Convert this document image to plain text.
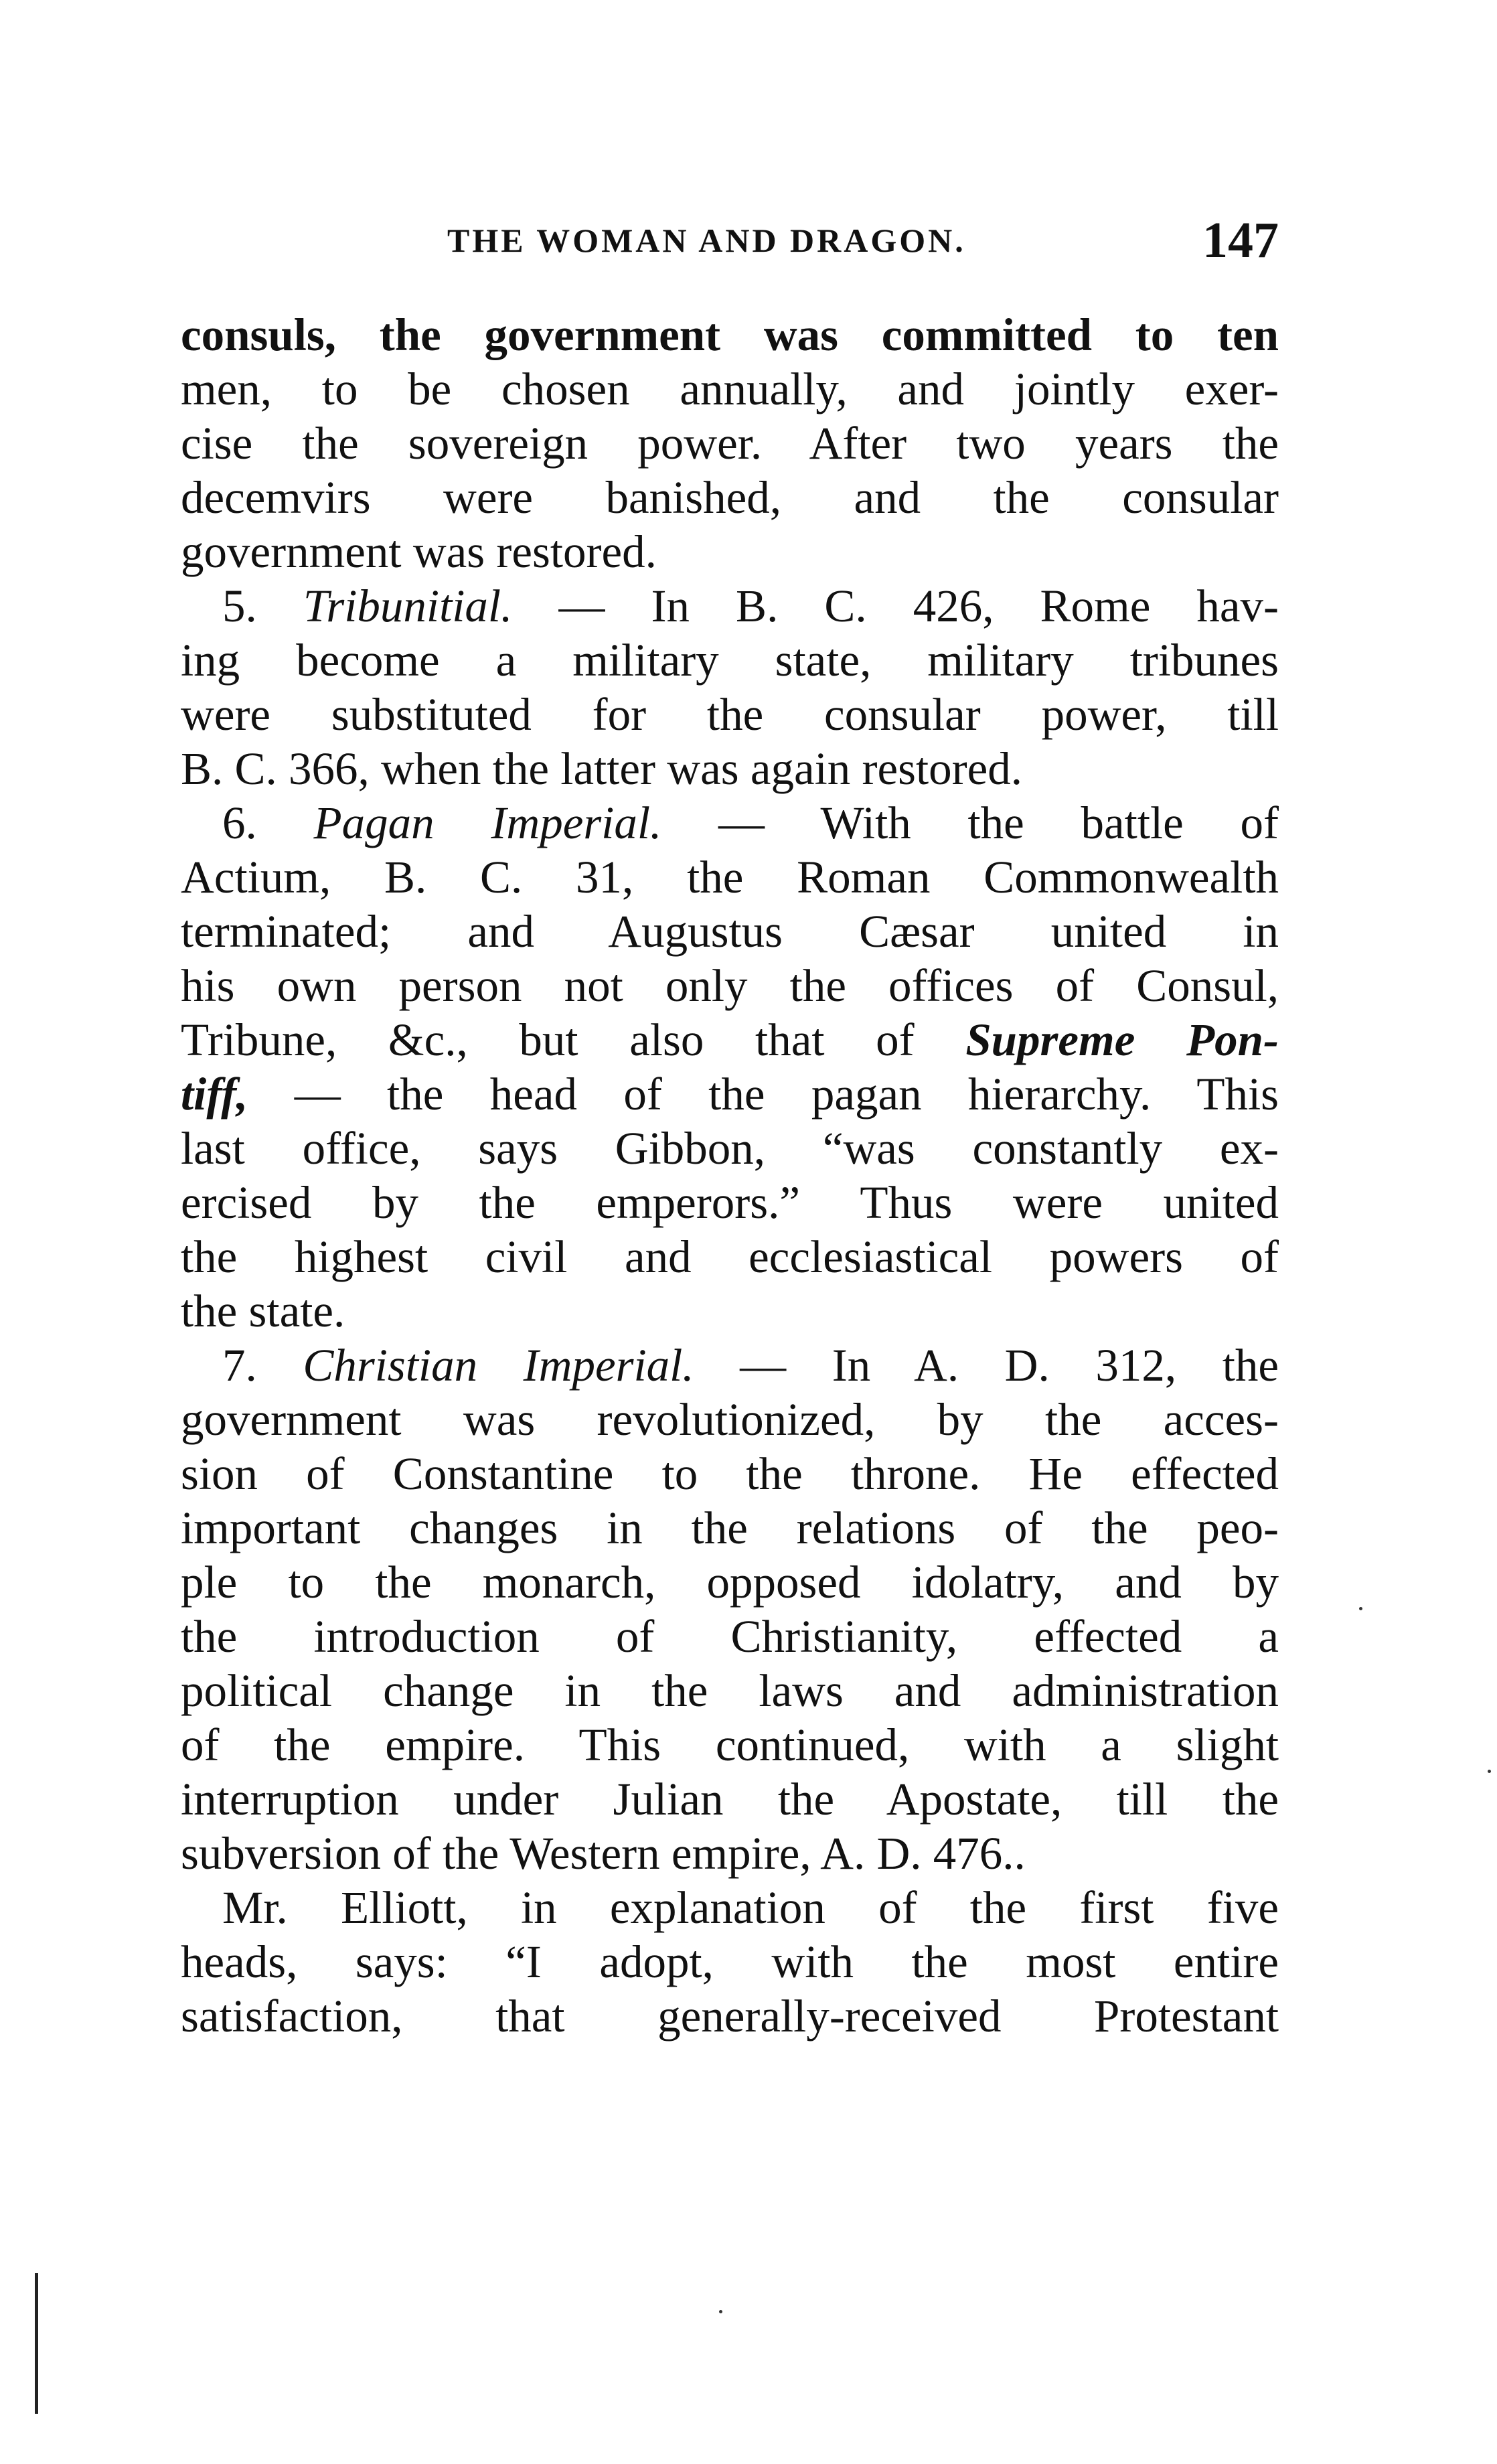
THE WOMAN AND DRAGON.	147
consuls, the government was committed to ten
men, to be chosen annually, and jointly exer-
cise the sovereign power. After two years the
decemvirs were banished, and the consular
government was restored.
5. Tribunitial. — In B. C. 426, Rome hav-
ing become a military state, military tribunes
were substituted for the consular power, till
B. C. 366, when the latter was again restored.
6. Pagan Imperial. — With the battle of
Actium, B. C. 31, the Roman Commonwealth
terminated; and Augustus Cæsar united in
his own person not only the offices of Consul,
Tribune, &c., but also that of Supreme Pon-
tiff, — the head of the pagan hierarchy. This
last office, says Gibbon, “was constantly ex-
ercised by the emperors.” Thus were united
the highest civil and ecclesiastical powers of
the state.
7. Christian Imperial. — In A. D. 312, the
government was revolutionized, by the acces-
sion of Constantine to the throne. He effected
important changes in the relations of the peo-
ple to the monarch, opposed idolatry, and by
the introduction of Christianity, effected a
political change in the laws and administration
of the empire. This continued, with a slight
interruption under Julian the Apostate, till the
subversion of the Western empire, A. D. 476..
Mr. Elliott, in explanation of the first five
heads, says: “I adopt, with the most entire
satisfaction, that generally-received Protestant
